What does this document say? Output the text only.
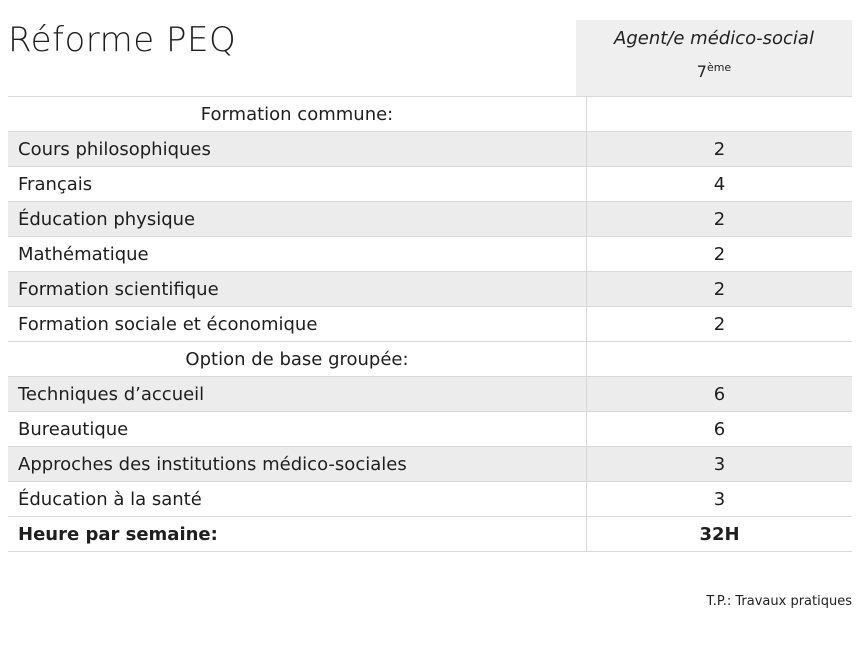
Réforme PEQ	Agent/e médico-social
7ème
Formation commune:	
Cours philosophiques	2
Français	4
Éducation physique	2
Mathématique	2
Formation scientifique	2
Formation sociale et économique	2
Option de base groupée:	
Techniques d’accueil	6
Bureautique	6
Approches des institutions médico-sociales	3
Éducation à la santé	3
Heure par semaine:	32H
T.P.: Travaux pratiques
